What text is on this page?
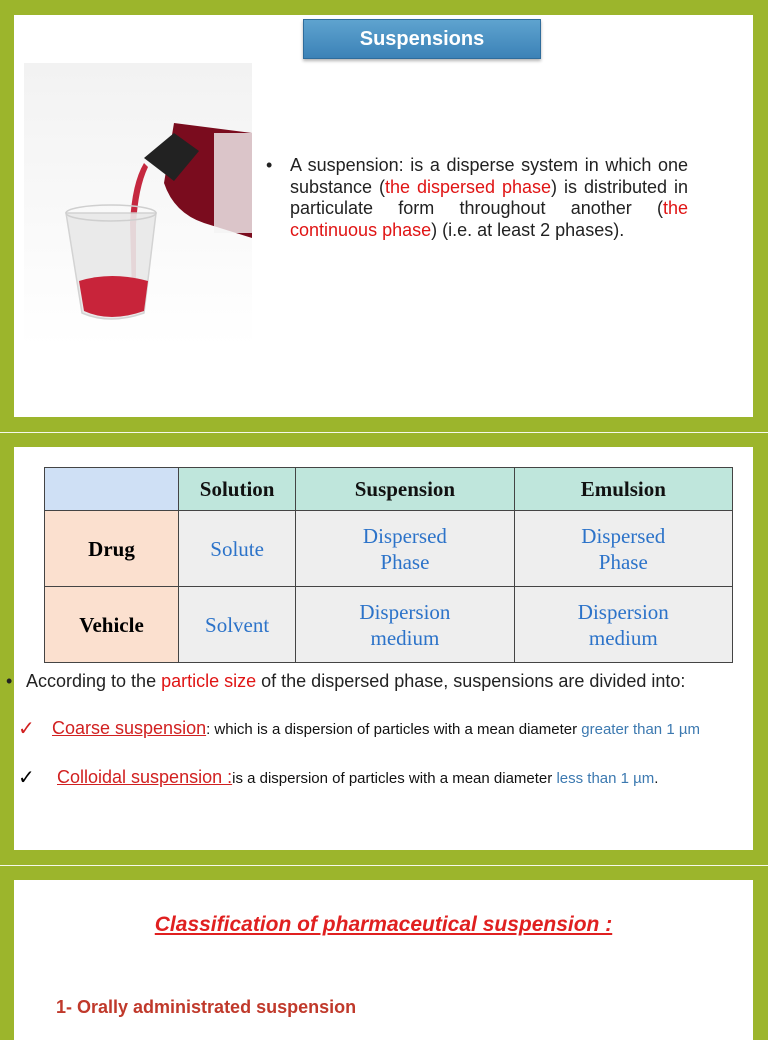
Suspensions
• A suspension: is a disperse system in which one substance (the dispersed phase) is distributed in particulate form throughout another (the continuous phase) (i.e. at least 2 phases).
	Solution	Suspension	Emulsion
Drug	Solute	Dispersed Phase	Dispersed Phase

Vehicle	Solvent	Dispersion medium	Dispersion medium
• According to the particle size of the dispersed phase, suspensions are divided into:
✓ Coarse suspension: which is a dispersion of particles with a mean diameter greater than 1 µm
✓ Colloidal suspension :is a dispersion of particles with a mean diameter less than 1 µm.
Classification of pharmaceutical suspension :
1- Orally administrated suspension
